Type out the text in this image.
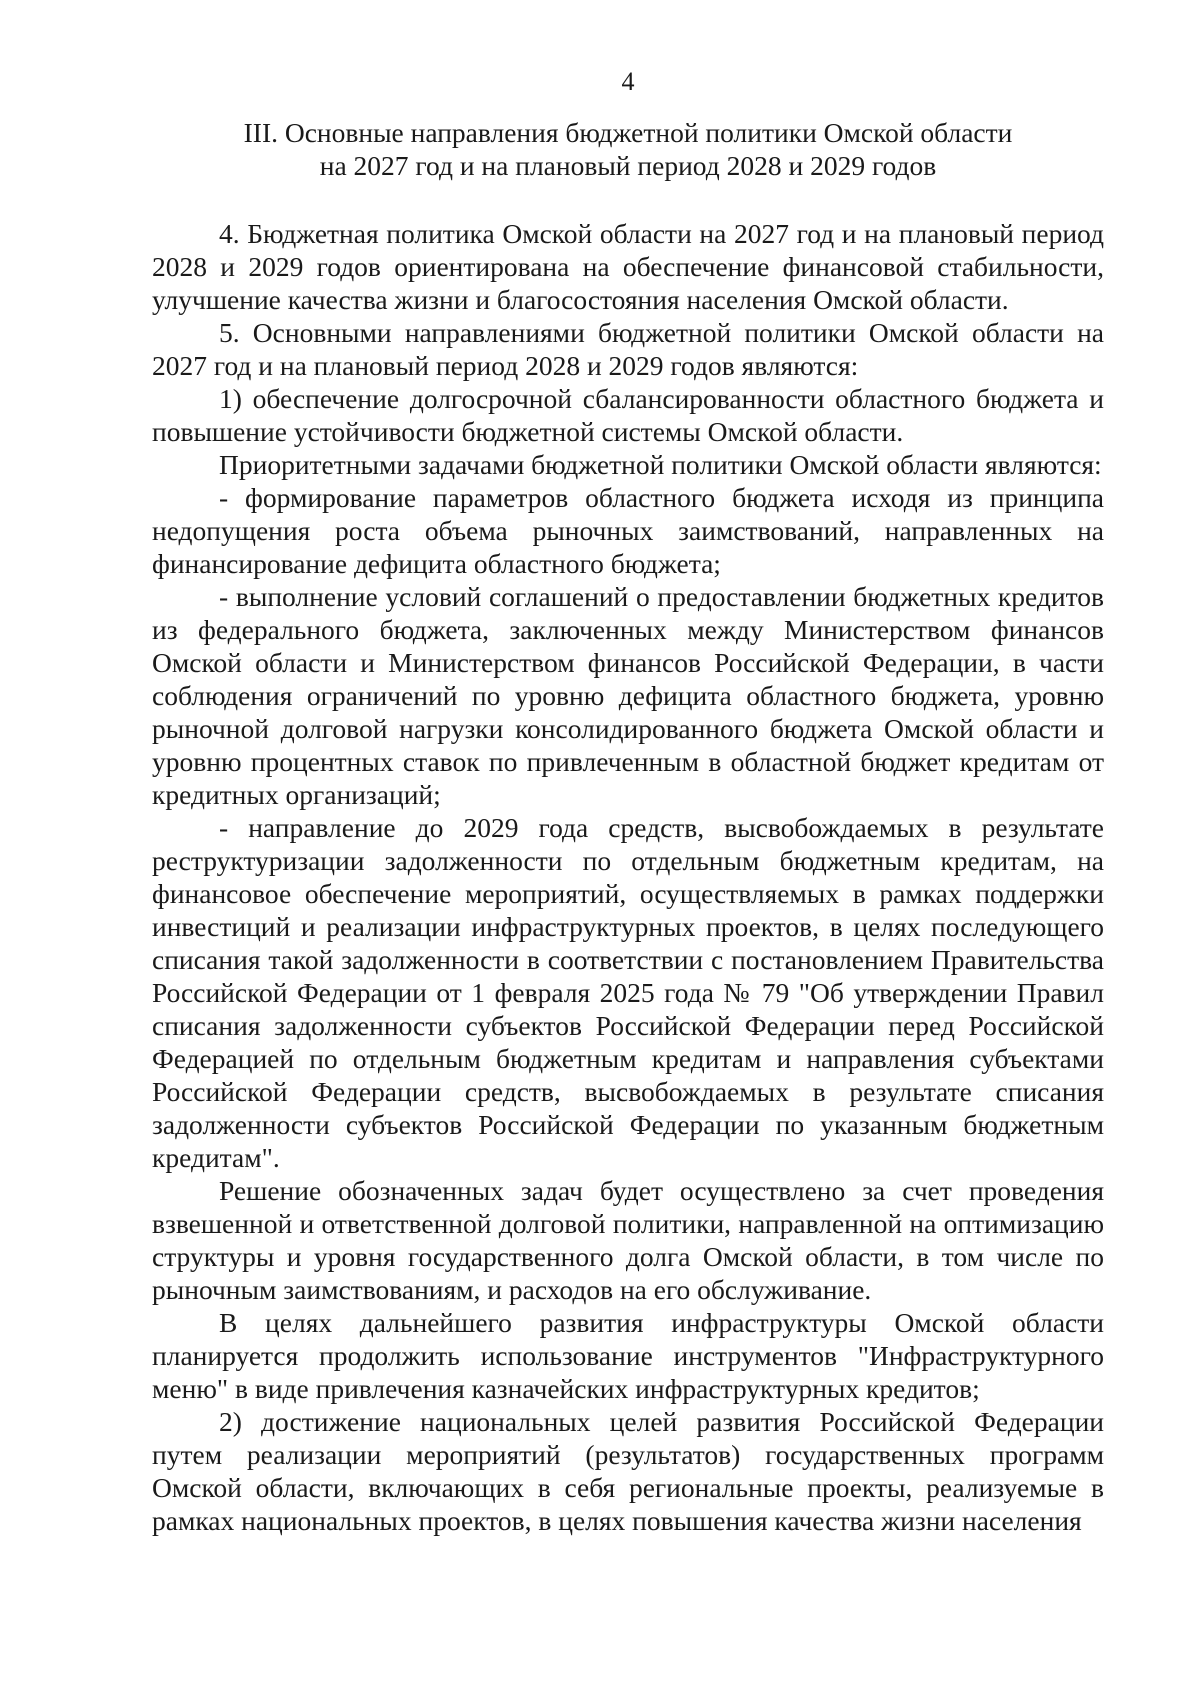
4
III. Основные направления бюджетной политики Омской области
на 2027 год и на плановый период 2028 и 2029 годов

4. Бюджетная политика Омской области на 2027 год и на плановый период 2028 и 2029 годов ориентирована на обеспечение финансовой стабильности, улучшение качества жизни и благосостояния населения Омской области.

5. Основными направлениями бюджетной политики Омской области на 2027 год и на плановый период 2028 и 2029 годов являются:

1) обеспечение долгосрочной сбалансированности областного бюджета и повышение устойчивости бюджетной системы Омской области.

Приоритетными задачами бюджетной политики Омской области являются:

- формирование параметров областного бюджета исходя из принципа недопущения роста объема рыночных заимствований, направленных на финансирование дефицита областного бюджета;

- выполнение условий соглашений о предоставлении бюджетных кредитов из федерального бюджета, заключенных между Министерством финансов Омской области и Министерством финансов Российской Федерации, в части соблюдения ограничений по уровню дефицита областного бюджета, уровню рыночной долговой нагрузки консолидированного бюджета Омской области и уровню процентных ставок по привлеченным в областной бюджет кредитам от кредитных организаций;

- направление до 2029 года средств, высвобождаемых в результате реструктуризации задолженности по отдельным бюджетным кредитам, на финансовое обеспечение мероприятий, осуществляемых в рамках поддержки инвестиций и реализации инфраструктурных проектов, в целях последующего списания такой задолженности в соответствии с постановлением Правительства Российской Федерации от 1 февраля 2025 года № 79 "Об утверждении Правил списания задолженности субъектов Российской Федерации перед Российской Федерацией по отдельным бюджетным кредитам и направления субъектами Российской Федерации средств, высвобождаемых в результате списания задолженности субъектов Российской Федерации по указанным бюджетным кредитам".

Решение обозначенных задач будет осуществлено за счет проведения взвешенной и ответственной долговой политики, направленной на оптимизацию структуры и уровня государственного долга Омской области, в том числе по рыночным заимствованиям, и расходов на его обслуживание.

В целях дальнейшего развития инфраструктуры Омской области планируется продолжить использование инструментов "Инфраструктурного меню" в виде привлечения казначейских инфраструктурных кредитов;

2) достижение национальных целей развития Российской Федерации путем реализации мероприятий (результатов) государственных программ Омской области, включающих в себя региональные проекты, реализуемые в рамках национальных проектов, в целях повышения качества жизни населения
